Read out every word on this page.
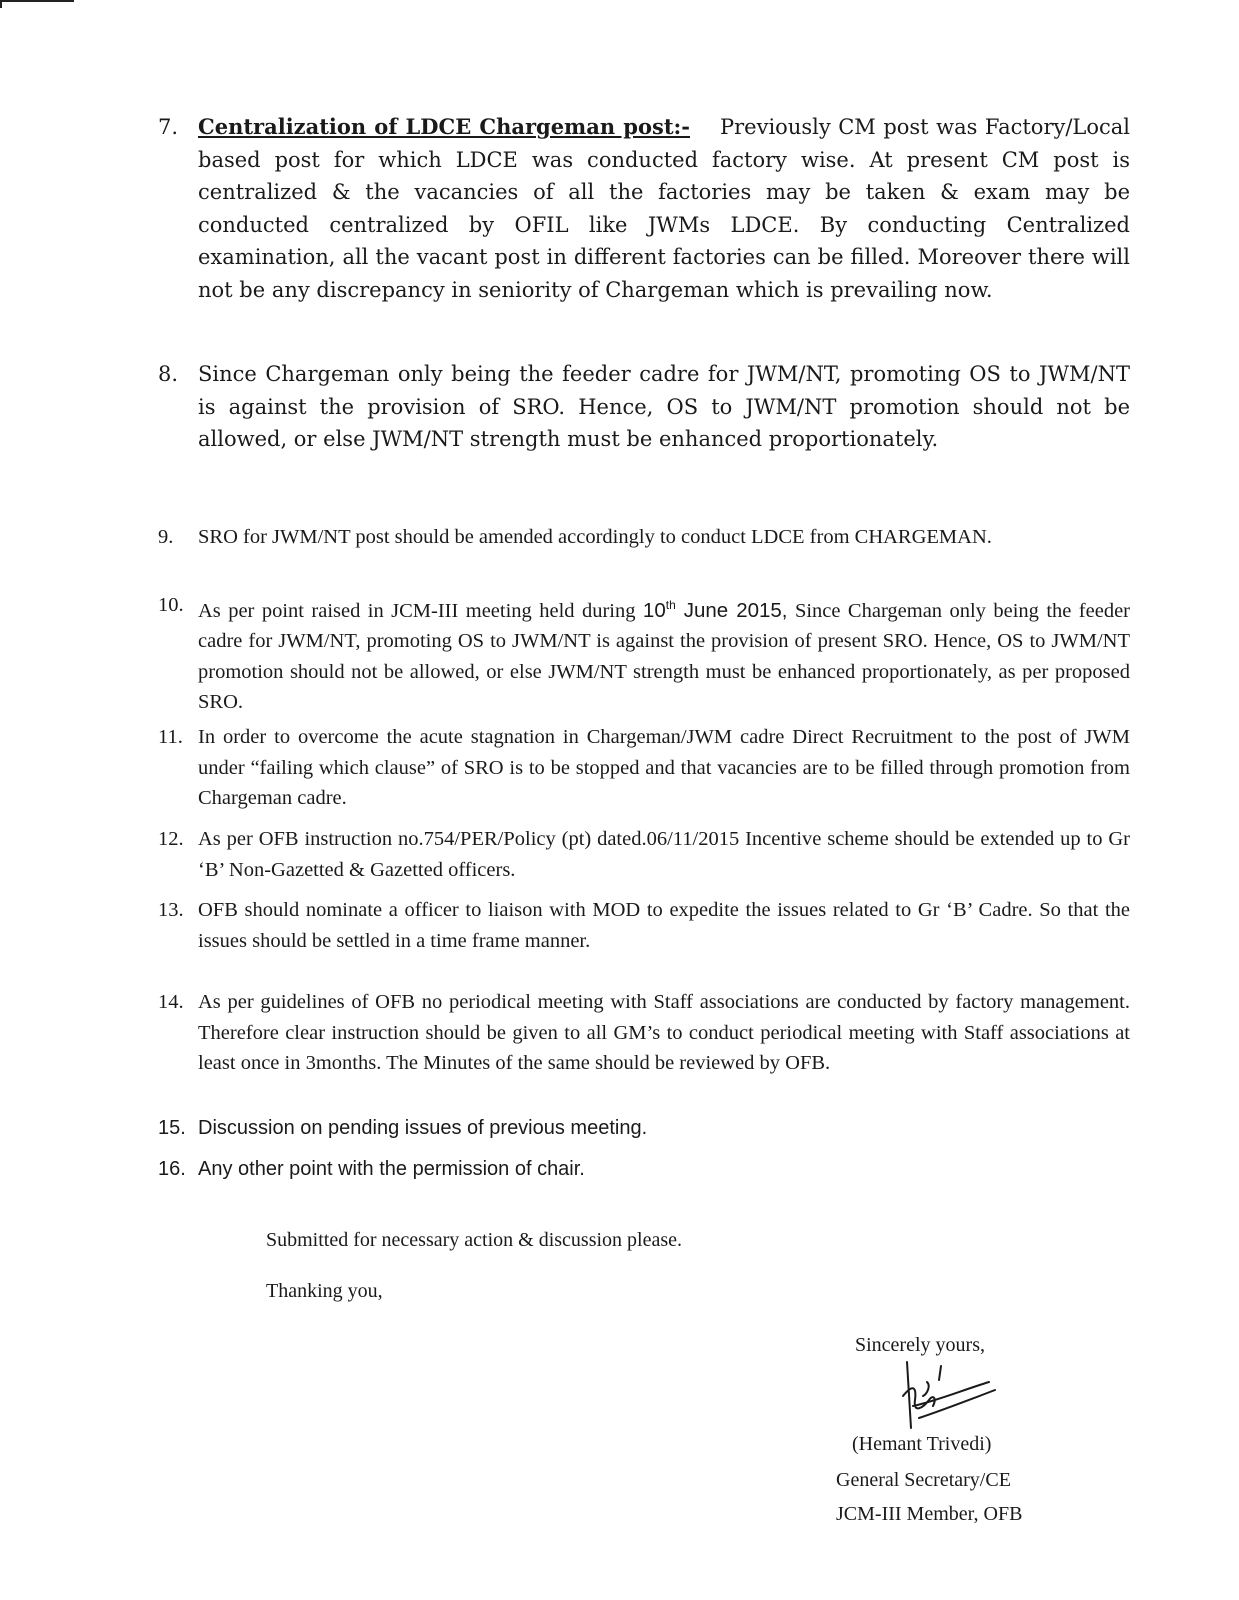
7. Centralization of LDCE Chargeman post:- Previously CM post was Factory/Local based post for which LDCE was conducted factory wise. At present CM post is centralized & the vacancies of all the factories may be taken & exam may be conducted centralized by OFIL like JWMs LDCE. By conducting Centralized examination, all the vacant post in different factories can be filled. Moreover there will not be any discrepancy in seniority of Chargeman which is prevailing now.
8. Since Chargeman only being the feeder cadre for JWM/NT, promoting OS to JWM/NT is against the provision of SRO. Hence, OS to JWM/NT promotion should not be allowed, or else JWM/NT strength must be enhanced proportionately.
9.	SRO for JWM/NT post should be amended accordingly to conduct LDCE from CHARGEMAN.
10. As per point raised in JCM-III meeting held during 10th June 2015, Since Chargeman only being the feeder cadre for JWM/NT, promoting OS to JWM/NT is against the provision of present SRO. Hence, OS to JWM/NT promotion should not be allowed, or else JWM/NT strength must be enhanced proportionately, as per proposed SRO.
11. In order to overcome the acute stagnation in Chargeman/JWM cadre Direct Recruitment to the post of JWM under “failing which clause” of SRO is to be stopped and that vacancies are to be filled through promotion from Chargeman cadre.
12. As per OFB instruction no.754/PER/Policy (pt) dated.06/11/2015 Incentive scheme should be extended up to Gr ‘B’ Non-Gazetted & Gazetted officers.
13. OFB should nominate a officer to liaison with MOD to expedite the issues related to Gr ‘B’ Cadre. So that the issues should be settled in a time frame manner.
14. As per guidelines of OFB no periodical meeting with Staff associations are conducted by factory management. Therefore clear instruction should be given to all GM’s to conduct periodical meeting with Staff associations at least once in 3months. The Minutes of the same should be reviewed by OFB.
15. Discussion on pending issues of previous meeting.
16. Any other point with the permission of chair.
Submitted for necessary action & discussion please.
Thanking you,
Sincerely yours,
(Hemant Trivedi)
General Secretary/CE
JCM-III Member, OFB
